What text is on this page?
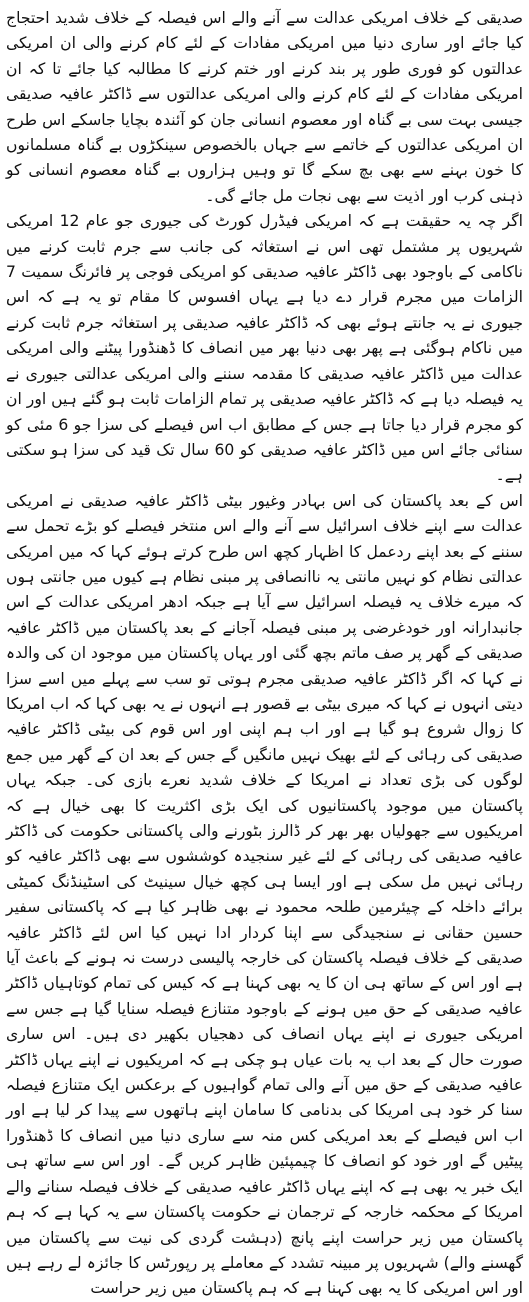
صدیقی کے خلاف امریکی عدالت سے آنے والے اس فیصلہ کے خلاف شدید احتجاج کیا جائے اور ساری دنیا میں امریکی مفادات کے لئے کام کرنے والی ان امریکی عدالتوں کو فوری طور پر بند کرنے اور ختم کرنے کا مطالبہ کیا جائے تا کہ ان امریکی مفادات کے لئے کام کرنے والی امریکی عدالتوں سے ڈاکٹر عافیہ صدیقی جیسی بہت سی بے گناہ اور معصوم انسانی جان کو آئندہ بچایا جاسکے اس طرح ان امریکی عدالتوں کے خاتمے سے جہاں بالخصوص سینکڑوں بے گناہ مسلمانوں کا خون بہنے سے بھی بچ سکے گا تو وہیں ہزاروں بے گناہ معصوم انسانی کو ذہنی کرب اور اذیت سے بھی نجات مل جائے گی۔

اگر چہ یہ حقیقت ہے کہ امریکی فیڈرل کورٹ کی جیوری جو عام 12 امریکی شہریوں پر مشتمل تھی اس نے استغاثہ کی جانب سے جرم ثابت کرنے میں ناکامی کے باوجود بھی ڈاکٹر عافیہ صدیقی کو امریکی فوجی پر فائرنگ سمیت 7 الزامات میں مجرم قرار دے دیا ہے یہاں افسوس کا مقام تو یہ ہے کہ اس جیوری نے یہ جانتے ہوئے بھی کہ ڈاکٹر عافیہ صدیقی پر استغاثہ جرم ثابت کرنے میں ناکام ہوگئی ہے پھر بھی دنیا بھر میں انصاف کا ڈھنڈورا پیٹنے والی امریکی عدالت میں ڈاکٹر عافیہ صدیقی کا مقدمہ سننے والی امریکی عدالتی جیوری نے یہ فیصلہ دیا ہے کہ ڈاکٹر عافیہ صدیقی پر تمام الزامات ثابت ہو گئے ہیں اور ان کو مجرم قرار دیا جاتا ہے جس کے مطابق اب اس فیصلے کی سزا جو 6 مئی کو سنائی جائے اس میں ڈاکٹر عافیہ صدیقی کو 60 سال تک قید کی سزا ہو سکتی ہے۔

اس کے بعد پاکستان کی اس بہادر وغیور بیٹی ڈاکٹر عافیہ صدیقی نے امریکی عدالت سے اپنے خلاف اسرائیل سے آنے والے اس منتخر فیصلے کو بڑے تحمل سے سننے کے بعد اپنے ردعمل کا اظہار کچھ اس طرح کرتے ہوئے کہا کہ میں امریکی عدالتی نظام کو نہیں مانتی یہ ناانصافی پر مبنی نظام ہے کیوں میں جانتی ہوں کہ میرے خلاف یہ فیصلہ اسرائیل سے آیا ہے جبکہ ادھر امریکی عدالت کے اس جانبدارانہ اور خودغرضی پر مبنی فیصلہ آجانے کے بعد پاکستان میں ڈاکٹر عافیہ صدیقی کے گھر پر صف ماتم بچھ گئی اور یہاں پاکستان میں موجود ان کی والدہ نے کہا کہ اگر ڈاکٹر عافیہ صدیقی مجرم ہوتی تو سب سے پہلے میں اسے سزا دیتی انہوں نے کہا کہ میری بیٹی بے قصور ہے انہوں نے یہ بھی کہا کہ اب امریکا کا زوال شروع ہو گیا ہے اور اب ہم اپنی اور اس قوم کی بیٹی ڈاکٹر عافیہ صدیقی کی رہائی کے لئے بھیک نہیں مانگیں گے جس کے بعد ان کے گھر میں جمع لوگوں کی بڑی تعداد نے امریکا کے خلاف شدید نعرے بازی کی۔ جبکہ یہاں پاکستان میں موجود پاکستانیوں کی ایک بڑی اکثریت کا بھی خیال ہے کہ امریکیوں سے جھولیاں بھر بھر کر ڈالرز بٹورنے والی پاکستانی حکومت کی ڈاکٹر عافیہ صدیقی کی رہائی کے لئے غیر سنجیدہ کوششوں سے بھی ڈاکٹر عافیہ کو رہائی نہیں مل سکی ہے اور ایسا ہی کچھ خیال سینیٹ کی اسٹینڈنگ کمیٹی برائے داخلہ کے چیئرمین طلحہ محمود نے بھی ظاہر کیا ہے کہ پاکستانی سفیر حسین حقانی نے سنجیدگی سے اپنا کردار ادا نہیں کیا اس لئے ڈاکٹر عافیہ صدیقی کے خلاف فیصلہ پاکستان کی خارجہ پالیسی درست نہ ہونے کے باعث آیا ہے اور اس کے ساتھ ہی ان کا یہ بھی کہنا ہے کہ کیس کی تمام کوتاہیاں ڈاکٹر عافیہ صدیقی کے حق میں ہونے کے باوجود متنازع فیصلہ سنایا گیا ہے جس سے امریکی جیوری نے اپنے یہاں انصاف کی دھجیاں بکھیر دی ہیں۔ اس ساری صورت حال کے بعد اب یہ بات عیاں ہو چکی ہے کہ امریکیوں نے اپنے یہاں ڈاکٹر عافیہ صدیقی کے حق میں آنے والی تمام گواہیوں کے برعکس ایک متنازع فیصلہ سنا کر خود ہی امریکا کی بدنامی کا سامان اپنے ہاتھوں سے پیدا کر لیا ہے اور اب اس فیصلے کے بعد امریکی کس منہ سے ساری دنیا میں انصاف کا ڈھنڈورا پیٹیں گے اور خود کو انصاف کا چیمپئین ظاہر کریں گے۔ اور اس سے ساتھ ہی ایک خبر یہ بھی ہے کہ اپنے یہاں ڈاکٹر عافیہ صدیقی کے خلاف فیصلہ سنانے والے امریکا کے محکمہ خارجہ کے ترجمان نے حکومت پاکستان سے یہ کہا ہے کہ ہم پاکستان میں زیر حراست اپنے پانچ (دہشت گردی کی نیت سے پاکستان میں گھسنے والے) شہریوں پر مبینہ تشدد کے معاملے پر رپورٹس کا جائزہ لے رہے ہیں اور اس امریکی کا یہ بھی کہنا ہے کہ ہم پاکستان میں زیر حراست
